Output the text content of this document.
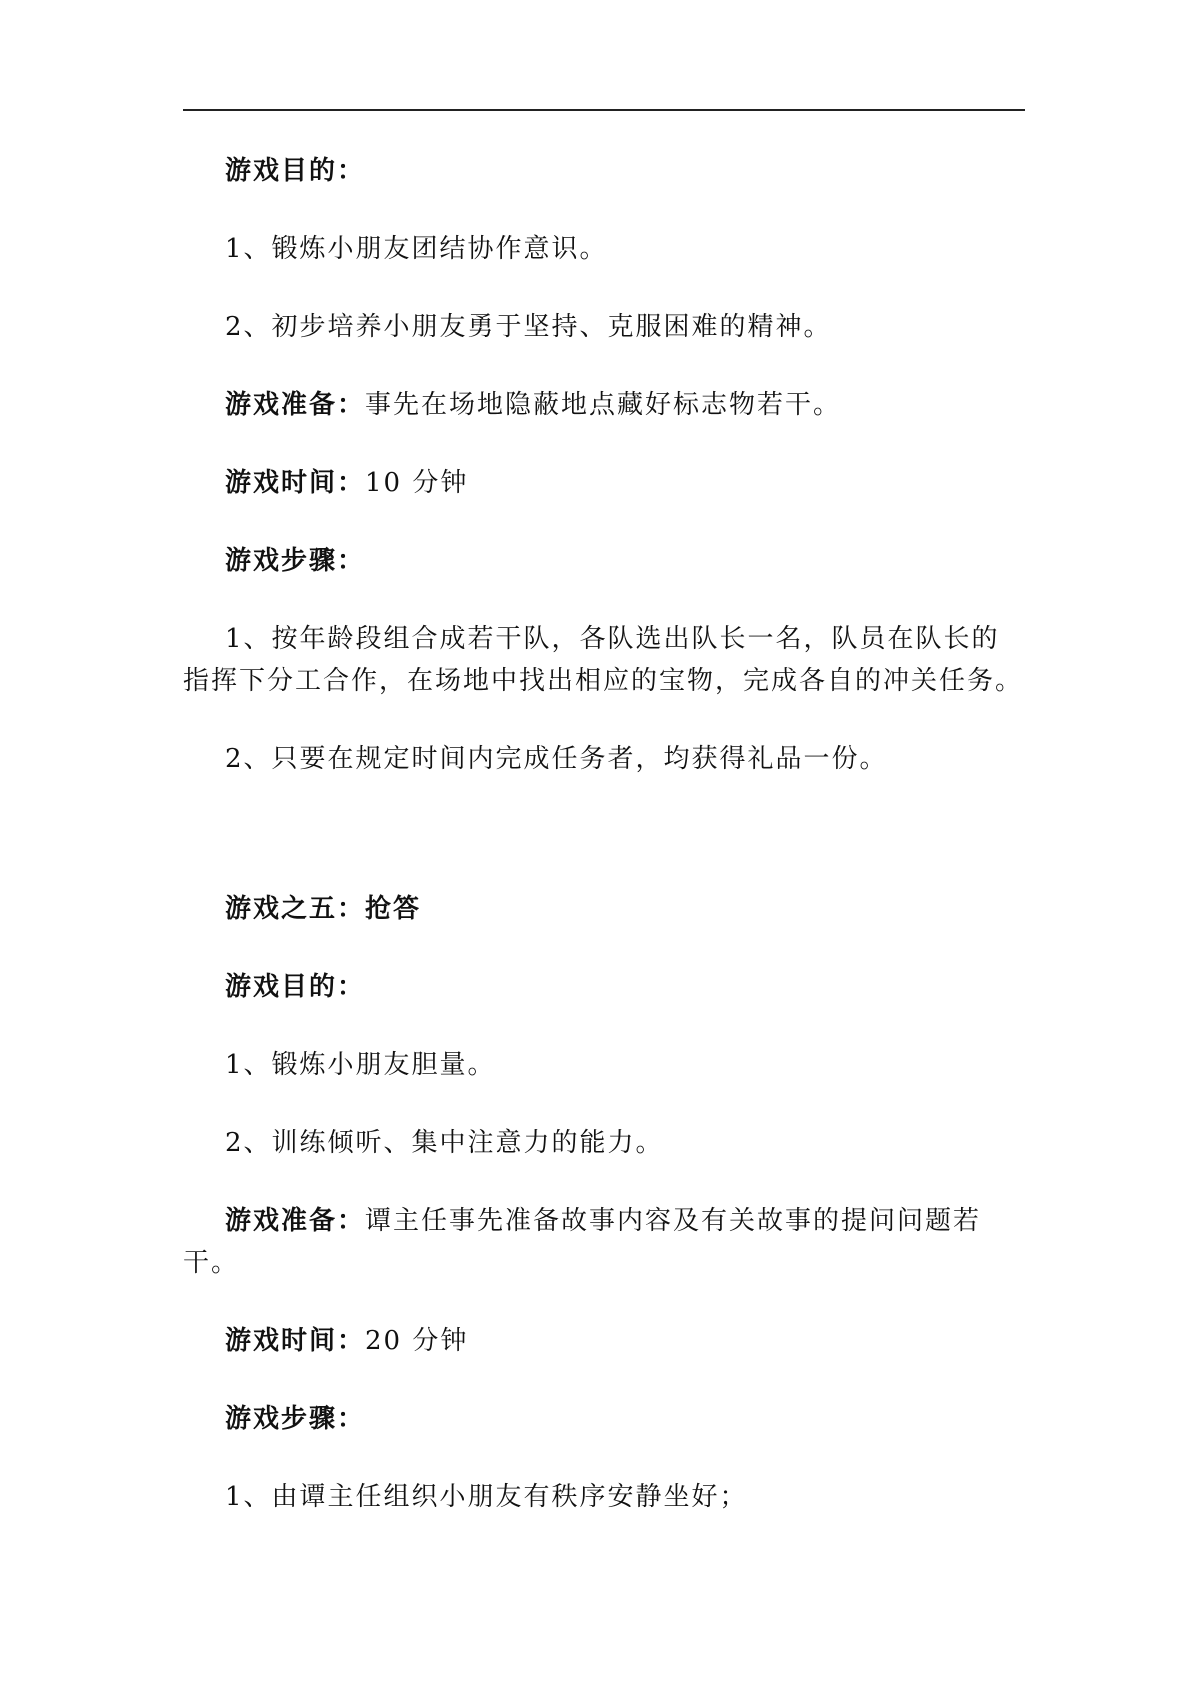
游戏目的：

1、锻炼小朋友团结协作意识。

2、初步培养小朋友勇于坚持、克服困难的精神。

游戏准备：事先在场地隐蔽地点藏好标志物若干。

游戏时间：10 分钟

游戏步骤：

1、按年龄段组合成若干队，各队选出队长一名，队员在队长的指挥下分工合作，在场地中找出相应的宝物，完成各自的冲关任务。

2、只要在规定时间内完成任务者，均获得礼品一份。

游戏之五：抢答

游戏目的：

1、锻炼小朋友胆量。

2、训练倾听、集中注意力的能力。

游戏准备：谭主任事先准备故事内容及有关故事的提问问题若干。

游戏时间：20 分钟

游戏步骤：

1、由谭主任组织小朋友有秩序安静坐好；
